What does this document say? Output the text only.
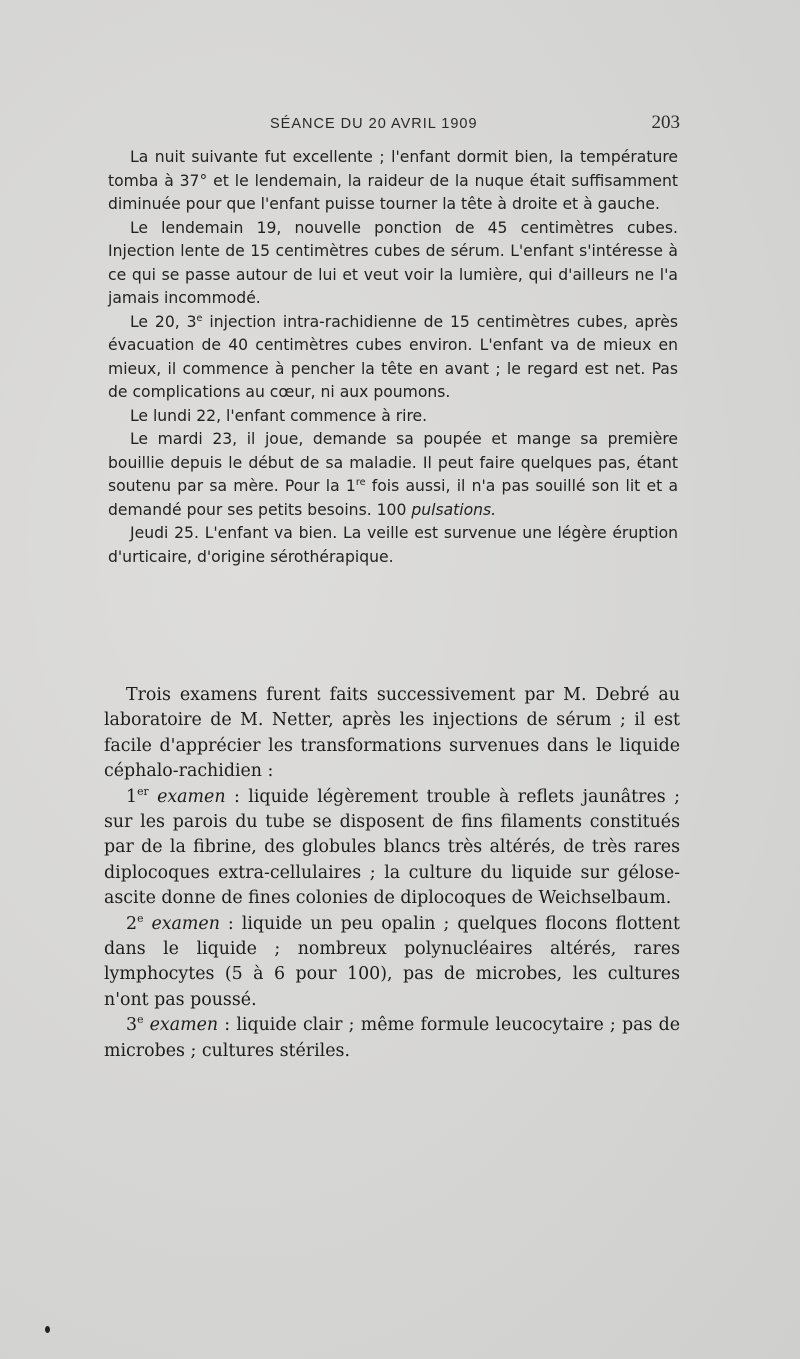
SÉANCE DU 20 AVRIL 1909	203

La nuit suivante fut excellente ; l'enfant dormit bien, la température tomba à 37° et le lendemain, la raideur de la nuque était suffisamment diminuée pour que l'enfant puisse tourner la tête à droite et à gauche.

Le lendemain 19, nouvelle ponction de 45 centimètres cubes. Injection lente de 15 centimètres cubes de sérum. L'enfant s'intéresse à ce qui se passe autour de lui et veut voir la lumière, qui d'ailleurs ne l'a jamais incommodé.

Le 20, 3e injection intra-rachidienne de 15 centimètres cubes, après évacuation de 40 centimètres cubes environ. L'enfant va de mieux en mieux, il commence à pencher la tête en avant ; le regard est net. Pas de complications au cœur, ni aux poumons.

Le lundi 22, l'enfant commence à rire.

Le mardi 23, il joue, demande sa poupée et mange sa première bouillie depuis le début de sa maladie. Il peut faire quelques pas, étant soutenu par sa mère. Pour la 1re fois aussi, il n'a pas souillé son lit et a demandé pour ses petits besoins. 100 pulsations.

Jeudi 25. L'enfant va bien. La veille est survenue une légère éruption d'urticaire, d'origine sérothérapique.

Trois examens furent faits successivement par M. Debré au laboratoire de M. Netter, après les injections de sérum ; il est facile d'apprécier les transformations survenues dans le liquide céphalo-rachidien :

1er examen : liquide légèrement trouble à reflets jaunâtres ; sur les parois du tube se disposent de fins filaments constitués par de la fibrine, des globules blancs très altérés, de très rares diplocoques extra-cellulaires ; la culture du liquide sur gélose-ascite donne de fines colonies de diplocoques de Weichselbaum.

2e examen : liquide un peu opalin ; quelques flocons flottent dans le liquide ; nombreux polynucléaires altérés, rares lymphocytes (5 à 6 pour 100), pas de microbes, les cultures n'ont pas poussé.

3e examen : liquide clair ; même formule leucocytaire ; pas de microbes ; cultures stériles.
